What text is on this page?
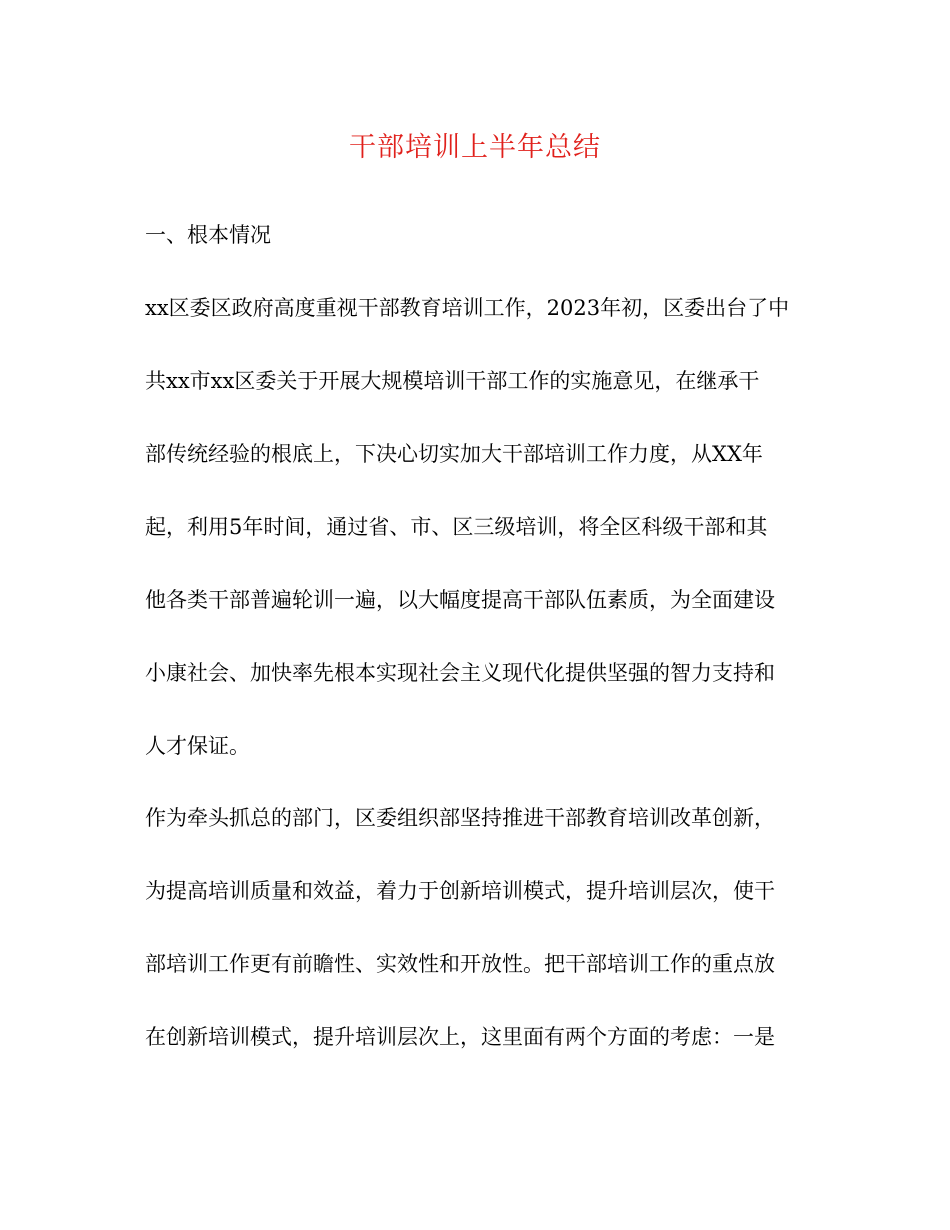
干部培训上半年总结
一、根本情况
xx区委区政府高度重视干部教育培训工作，2023年初，区委出台了中
共xx市xx区委关于开展大规模培训干部工作的实施意见，在继承干
部传统经验的根底上，下决心切实加大干部培训工作力度，从XX年
起，利用5年时间，通过省、市、区三级培训，将全区科级干部和其
他各类干部普遍轮训一遍，以大幅度提高干部队伍素质，为全面建设
小康社会、加快率先根本实现社会主义现代化提供坚强的智力支持和
人才保证。
作为牵头抓总的部门，区委组织部坚持推进干部教育培训改革创新，
为提高培训质量和效益，着力于创新培训模式，提升培训层次，使干
部培训工作更有前瞻性、实效性和开放性。把干部培训工作的重点放
在创新培训模式，提升培训层次上，这里面有两个方面的考虑：一是
